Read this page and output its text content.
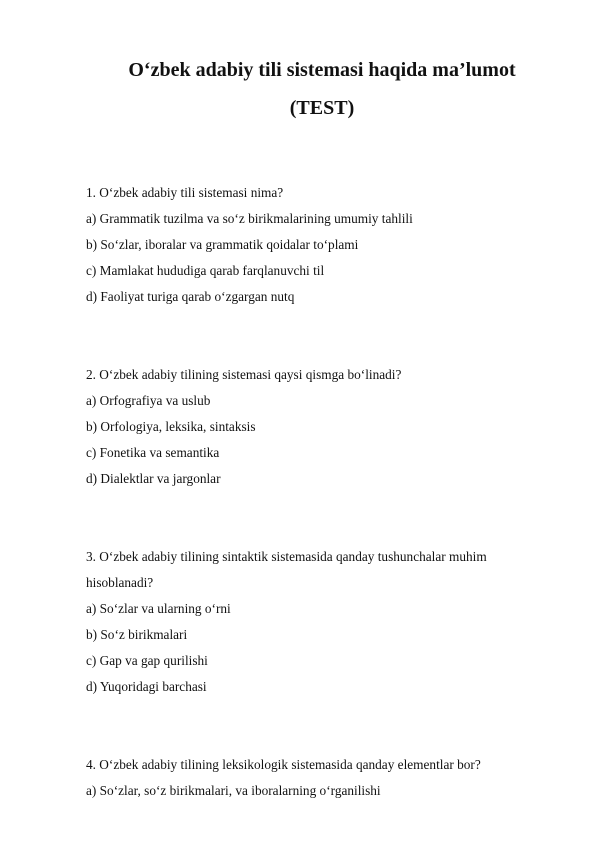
O‘zbek adabiy tili sistemasi haqida ma’lumot
(TEST)
1. O‘zbek adabiy tili sistemasi nima?
a) Grammatik tuzilma va so‘z birikmalarining umumiy tahlili
b) So‘zlar, iboralar va grammatik qoidalar to‘plami
c) Mamlakat hududiga qarab farqlanuvchi til
d) Faoliyat turiga qarab o‘zgargan nutq
2. O‘zbek adabiy tilining sistemasi qaysi qismga bo‘linadi?
a) Orfografiya va uslub
b) Orfologiya, leksika, sintaksis
c) Fonetika va semantika
d) Dialektlar va jargonlar
3. O‘zbek adabiy tilining sintaktik sistemasida qanday tushunchalar muhim hisoblanadi?
a) So‘zlar va ularning o‘rni
b) So‘z birikmalari
c) Gap va gap qurilishi
d) Yuqoridagi barchasi
4. O‘zbek adabiy tilining leksikologik sistemasida qanday elementlar bor?
a) So‘zlar, so‘z birikmalari, va iboralarning o‘rganilishi
